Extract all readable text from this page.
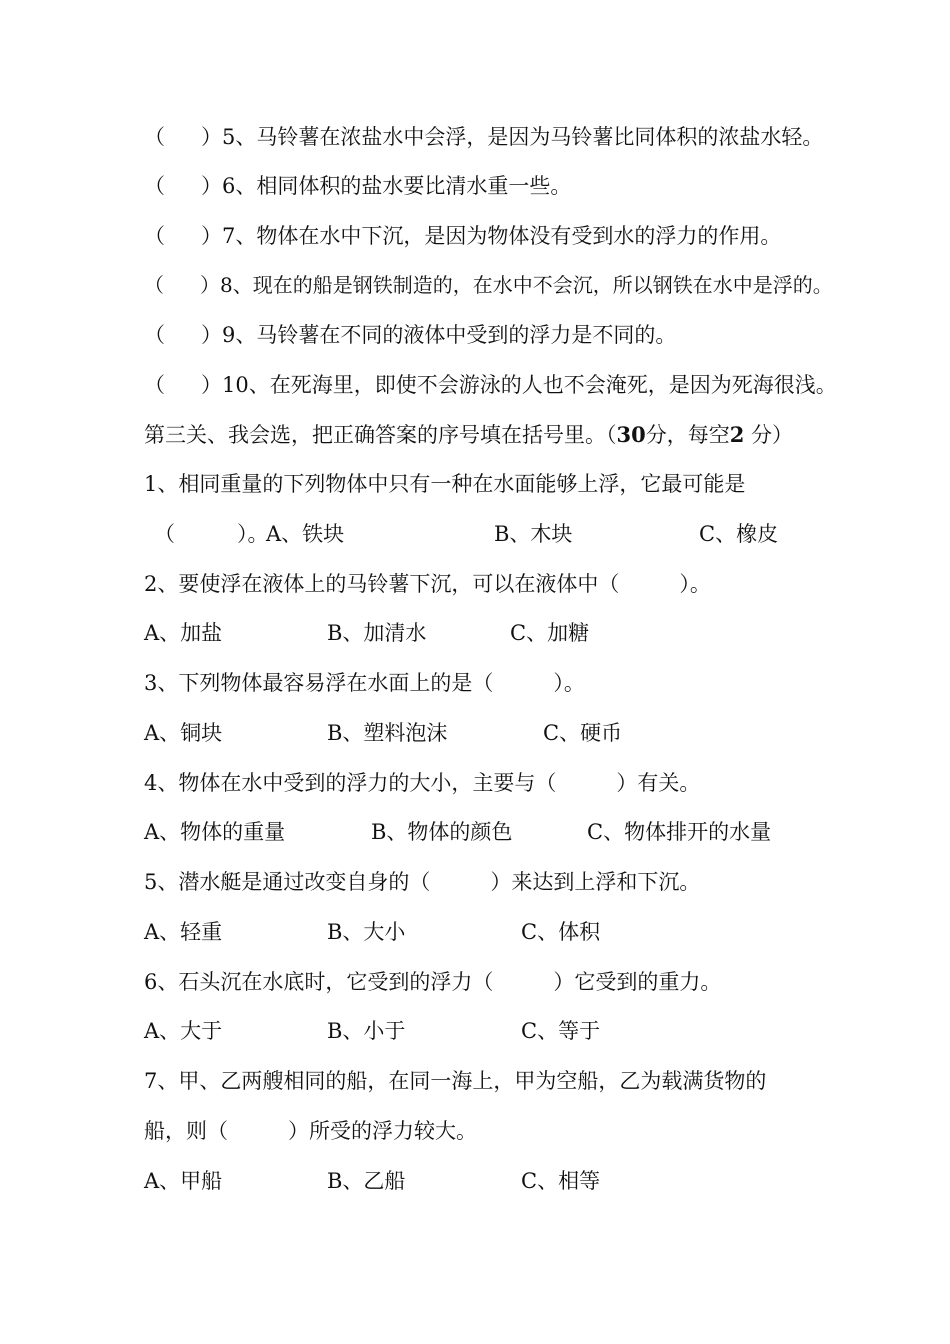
（ ）5、马铃薯在浓盐水中会浮，是因为马铃薯比同体积的浓盐水轻。
（ ）6、相同体积的盐水要比清水重一些。
（ ）7、物体在水中下沉，是因为物体没有受到水的浮力的作用。
（ ）8、现在的船是钢铁制造的，在水中不会沉，所以钢铁在水中是浮的。
（ ）9、马铃薯在不同的液体中受到的浮力是不同的。
（ ）10、在死海里，即使不会游泳的人也不会淹死，是因为死海很浅。
第三关、我会选，把正确答案的序号填在括号里。（30分，每空2 分）
1、相同重量的下列物体中只有一种在水面能够上浮，它最可能是
（	）。
A、铁块	B、木块	C、橡皮
2、要使浮在液体上的马铃薯下沉，可以在液体中（	）。
A、加盐	B、加清水	C、加糖
3、下列物体最容易浮在水面上的是（	）。
A、铜块	B、塑料泡沫	C、硬币
4、物体在水中受到的浮力的大小，主要与（	）有关。
A、物体的重量	B、物体的颜色	C、物体排开的水量
5、潜水艇是通过改变自身的（	）来达到上浮和下沉。
A、轻重	B、大小	C、体积
6、石头沉在水底时，它受到的浮力（	）它受到的重力。
A、大于	B、小于	C、等于
7、甲、乙两艘相同的船，在同一海上，甲为空船，乙为载满货物的
船，则（	）所受的浮力较大。
A、甲船	B、乙船	C、相等
